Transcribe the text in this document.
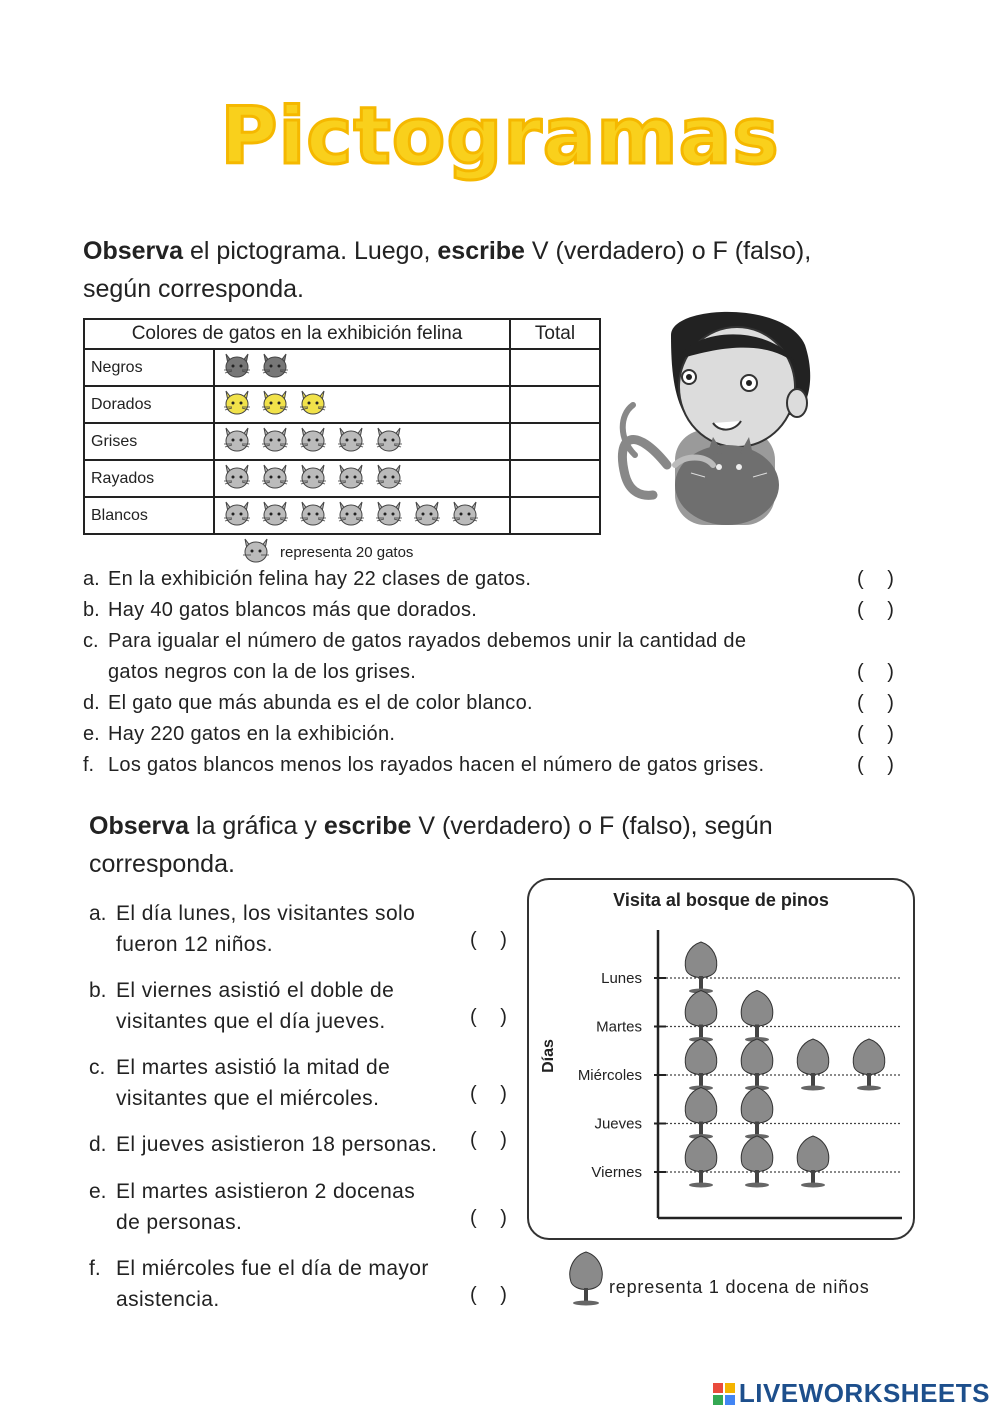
Pictogramas
Observa el pictograma. Luego, escribe V (verdadero) o F (falso),
según corresponda.
Colores de gatos en la exhibición felina		Total
Negros		
Dorados		
Grises		
Rayados		
Blancos		
representa 20 gatos
a. En la exhibición felina hay 22 clases de gatos.	( )
b. Hay 40 gatos blancos más que dorados.	( )
c. Para igualar el número de gatos rayados debemos unir la cantidad de
gatos negros con la de los grises.	( )
d. El gato que más abunda es el de color blanco.	( )
e. Hay 220 gatos en la exhibición.	( )
f. Los gatos blancos menos los rayados hacen el número de gatos grises.	( )
Observa la gráfica y escribe V (verdadero) o F (falso), según
corresponda.
a. El día lunes, los visitantes solo
fueron 12 niños.	( )
b. El viernes asistió el doble de
visitantes que el día jueves.	( )
c. El martes asistió la mitad de
visitantes que el miércoles.	( )
d. El jueves asistieron 18 personas.	( )
e. El martes asistieron 2 docenas
de personas.	( )
f. El miércoles fue el día de mayor
asistencia.	( )
Visita al bosque de pinos
Días
Lunes
Martes
Miércoles
Jueves
Viernes
representa 1 docena de niños
LIVEWORKSHEETS
